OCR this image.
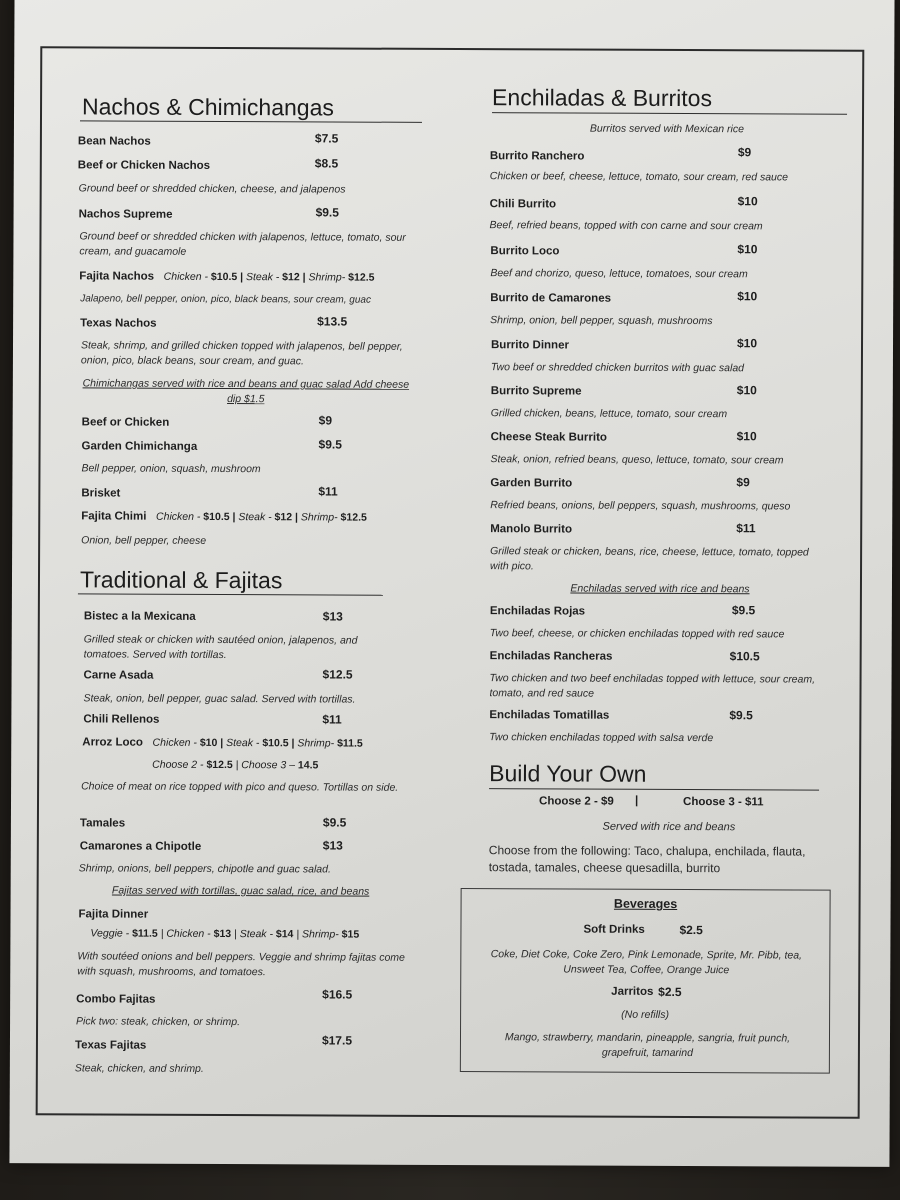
Nachos & Chimichangas
Bean Nachos	$7.5
Beef or Chicken Nachos	$8.5
Ground beef or shredded chicken, cheese, and jalapenos
Nachos Supreme	$9.5
Ground beef or shredded chicken with jalapenos, lettuce, tomato, sour cream, and guacamole
Fajita Nachos Chicken - $10.5 | Steak - $12 | Shrimp- $12.5
Jalapeno, bell pepper, onion, pico, black beans, sour cream, guac
Texas Nachos	$13.5
Steak, shrimp, and grilled chicken topped with jalapenos, bell pepper, onion, pico, black beans, sour cream, and guac.
Chimichangas served with rice and beans and guac salad Add cheese dip $1.5
Beef or Chicken	$9
Garden Chimichanga	$9.5
Bell pepper, onion, squash, mushroom
Brisket	$11
Fajita Chimi Chicken - $10.5 | Steak - $12 | Shrimp- $12.5
Onion, bell pepper, cheese
Traditional & Fajitas
Bistec a la Mexicana	$13
Grilled steak or chicken with sautéed onion, jalapenos, and tomatoes. Served with tortillas.
Carne Asada	$12.5
Steak, onion, bell pepper, guac salad. Served with tortillas.
Chili Rellenos	$11
Arroz Loco Chicken - $10 | Steak - $10.5 | Shrimp- $11.5
Choose 2 - $12.5 | Choose 3 – 14.5
Choice of meat on rice topped with pico and queso. Tortillas on side.
Tamales	$9.5
Camarones a Chipotle	$13
Shrimp, onions, bell peppers, chipotle and guac salad.
Fajitas served with tortillas, guac salad, rice, and beans
Fajita Dinner
Veggie - $11.5 | Chicken - $13 | Steak - $14 | Shrimp- $15
With soutéed onions and bell peppers. Veggie and shrimp fajitas come with squash, mushrooms, and tomatoes.
Combo Fajitas	$16.5
Pick two: steak, chicken, or shrimp.
Texas Fajitas	$17.5
Steak, chicken, and shrimp.
Enchiladas & Burritos
Burritos served with Mexican rice
Burrito Ranchero	$9
Chicken or beef, cheese, lettuce, tomato, sour cream, red sauce
Chili Burrito	$10
Beef, refried beans, topped with con carne and sour cream
Burrito Loco	$10
Beef and chorizo, queso, lettuce, tomatoes, sour cream
Burrito de Camarones	$10
Shrimp, onion, bell pepper, squash, mushrooms
Burrito Dinner	$10
Two beef or shredded chicken burritos with guac salad
Burrito Supreme	$10
Grilled chicken, beans, lettuce, tomato, sour cream
Cheese Steak Burrito	$10
Steak, onion, refried beans, queso, lettuce, tomato, sour cream
Garden Burrito	$9
Refried beans, onions, bell peppers, squash, mushrooms, queso
Manolo Burrito	$11
Grilled steak or chicken, beans, rice, cheese, lettuce, tomato, topped with pico.
Enchiladas served with rice and beans
Enchiladas Rojas	$9.5
Two beef, cheese, or chicken enchiladas topped with red sauce
Enchiladas Rancheras	$10.5
Two chicken and two beef enchiladas topped with lettuce, sour cream, tomato, and red sauce
Enchiladas Tomatillas	$9.5
Two chicken enchiladas topped with salsa verde
Build Your Own
Choose 2 - $9 |	Choose 3 - $11
Served with rice and beans
Choose from the following: Taco, chalupa, enchilada, flauta, tostada, tamales, cheese quesadilla, burrito
Beverages
Soft Drinks	$2.5
Coke, Diet Coke, Coke Zero, Pink Lemonade, Sprite, Mr. Pibb, tea, Unsweet Tea, Coffee, Orange Juice
Jarritos $2.5
(No refills)
Mango, strawberry, mandarin, pineapple, sangria, fruit punch, grapefruit, tamarind
